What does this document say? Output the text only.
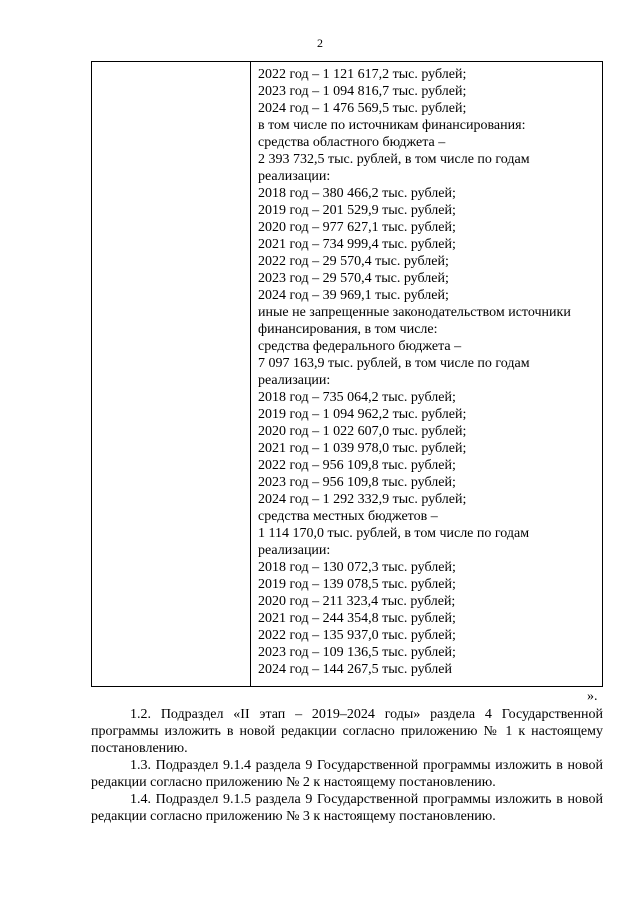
2
2022 год – 1 121 617,2 тыс. рублей;
2023 год – 1 094 816,7 тыс. рублей;
2024 год – 1 476 569,5 тыс. рублей;
в том числе по источникам финансирования:
средства областного бюджета –
2 393 732,5 тыс. рублей, в том числе по годам
реализации:
2018 год – 380 466,2 тыс. рублей;
2019 год – 201 529,9 тыс. рублей;
2020 год – 977 627,1 тыс. рублей;
2021 год – 734 999,4 тыс. рублей;
2022 год – 29 570,4 тыс. рублей;
2023 год – 29 570,4 тыс. рублей;
2024 год – 39 969,1 тыс. рублей;
иные не запрещенные законодательством источники
финансирования, в том числе:
средства федерального бюджета –
7 097 163,9 тыс. рублей, в том числе по годам
реализации:
2018 год – 735 064,2 тыс. рублей;
2019 год – 1 094 962,2 тыс. рублей;
2020 год – 1 022 607,0 тыс. рублей;
2021 год – 1 039 978,0 тыс. рублей;
2022 год – 956 109,8 тыс. рублей;
2023 год – 956 109,8 тыс. рублей;
2024 год – 1 292 332,9 тыс. рублей;
средства местных бюджетов –
1 114 170,0 тыс. рублей, в том числе по годам
реализации:
2018 год – 130 072,3 тыс. рублей;
2019 год – 139 078,5 тыс. рублей;
2020 год – 211 323,4 тыс. рублей;
2021 год – 244 354,8 тыс. рублей;
2022 год – 135 937,0 тыс. рублей;
2023 год – 109 136,5 тыс. рублей;
2024 год – 144 267,5 тыс. рублей
».

1.2. Подраздел «II этап – 2019–2024 годы» раздела 4 Государственной программы изложить в новой редакции согласно приложению № 1 к настоящему постановлению.

1.3. Подраздел 9.1.4 раздела 9 Государственной программы изложить в новой редакции согласно приложению № 2 к настоящему постановлению.

1.4. Подраздел 9.1.5 раздела 9 Государственной программы изложить в новой редакции согласно приложению № 3 к настоящему постановлению.
